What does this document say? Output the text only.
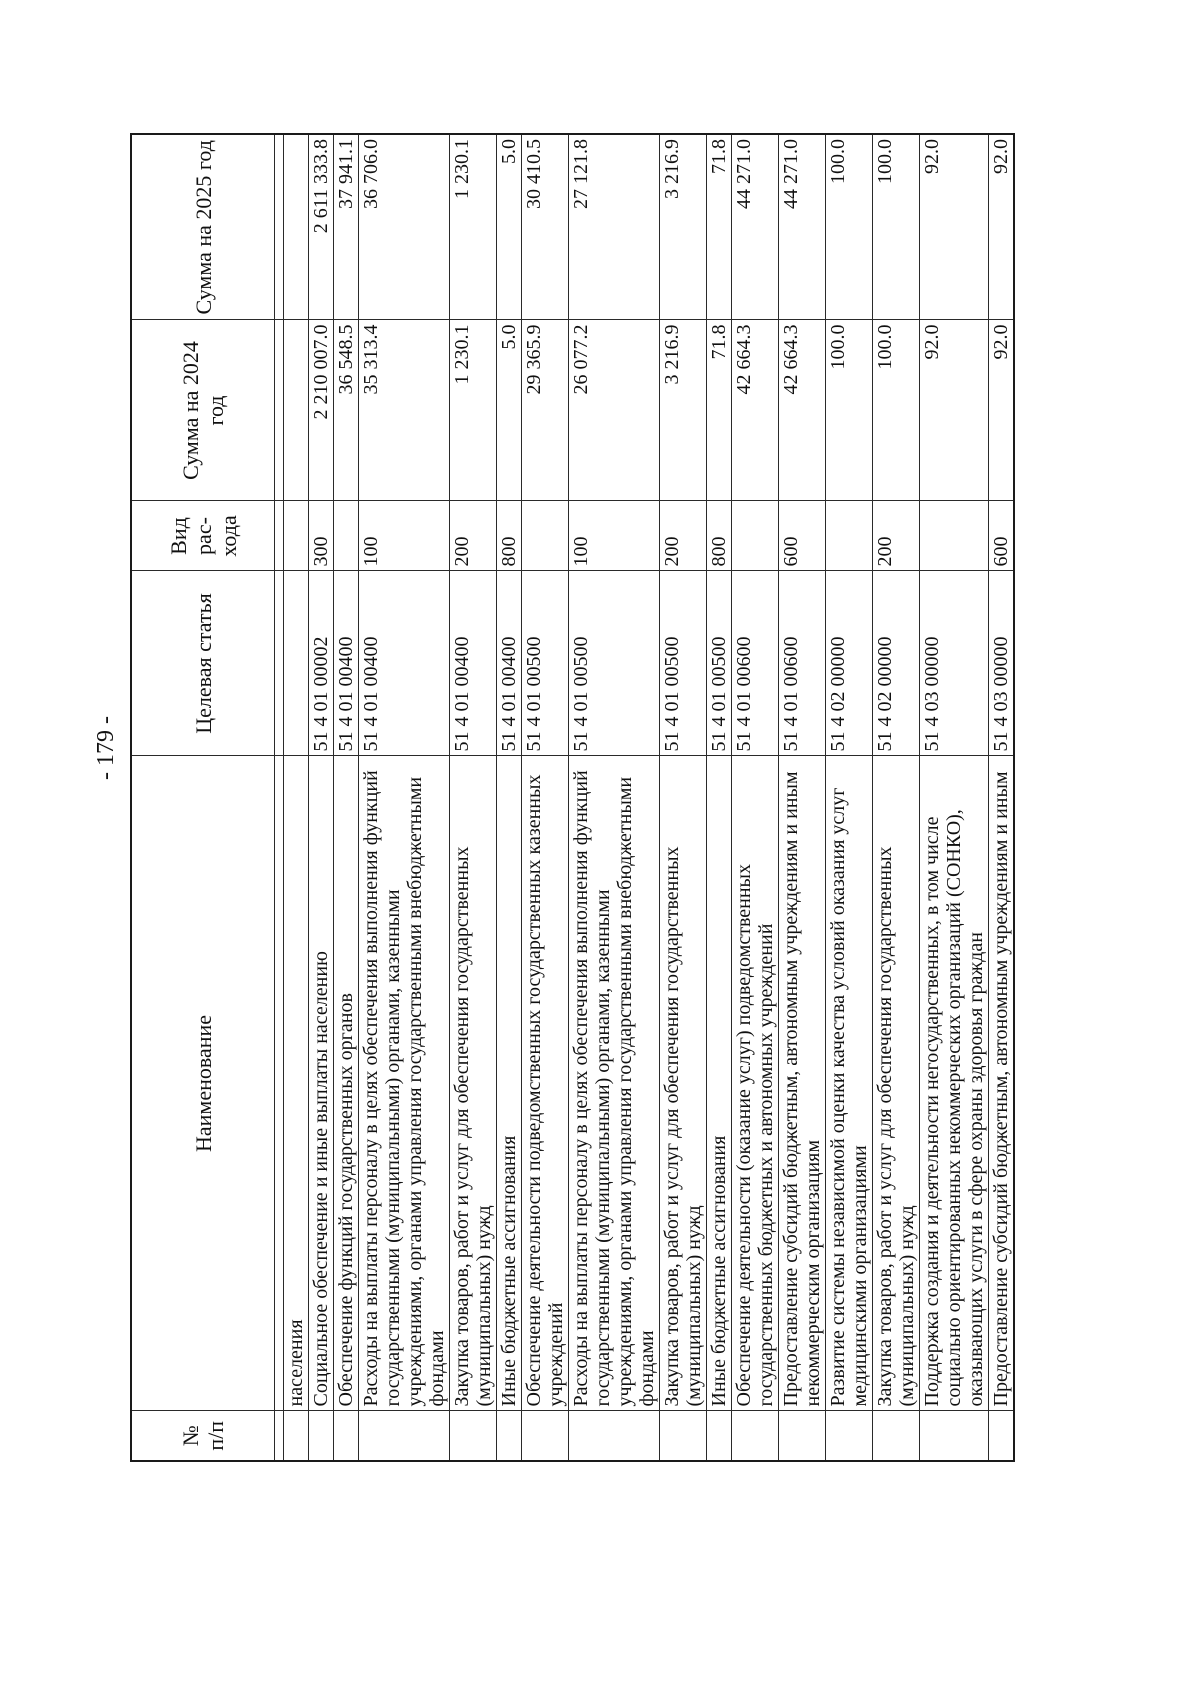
- 179 -
№ п/п	Наименование	Целевая статья	Вид рас-хода	Сумма на 2024 год	Сумма на 2025 год

	населения				
	Социальное обеспечение и иные выплаты населению	51 4 01 00002	300	2 210 007.0	2 611 333.8
	Обеспечение функций государственных органов	51 4 01 00400		36 548.5	37 941.1
	Расходы на выплаты персоналу в целях обеспечения выполнения функций государственными (муниципальными) органами, казенными учреждениями, органами управления государственными внебюджетными фондами	51 4 01 00400	100	35 313.4	36 706.0
	Закупка товаров, работ и услуг для обеспечения государственных (муниципальных) нужд	51 4 01 00400	200	1 230.1	1 230.1
	Иные бюджетные ассигнования	51 4 01 00400	800	5.0	5.0
	Обеспечение деятельности подведомственных государственных казенных учреждений	51 4 01 00500		29 365.9	30 410.5
	Расходы на выплаты персоналу в целях обеспечения выполнения функций государственными (муниципальными) органами, казенными учреждениями, органами управления государственными внебюджетными фондами	51 4 01 00500	100	26 077.2	27 121.8
	Закупка товаров, работ и услуг для обеспечения государственных (муниципальных) нужд	51 4 01 00500	200	3 216.9	3 216.9
	Иные бюджетные ассигнования	51 4 01 00500	800	71.8	71.8
	Обеспечение деятельности (оказание услуг) подведомственных государственных бюджетных и автономных учреждений	51 4 01 00600		42 664.3	44 271.0
	Предоставление субсидий бюджетным, автономным учреждениям и иным некоммерческим организациям	51 4 01 00600	600	42 664.3	44 271.0
	Развитие системы независимой оценки качества условий оказания услуг медицинскими организациями	51 4 02 00000		100.0	100.0
	Закупка товаров, работ и услуг для обеспечения государственных (муниципальных) нужд	51 4 02 00000	200	100.0	100.0
	Поддержка создания и деятельности негосударственных, в том числе социально ориентированных некоммерческих организаций (СОНКО), оказывающих услуги в сфере охраны здоровья граждан	51 4 03 00000		92.0	92.0
	Предоставление субсидий бюджетным, автономным учреждениям и иным	51 4 03 00000	600	92.0	92.0
